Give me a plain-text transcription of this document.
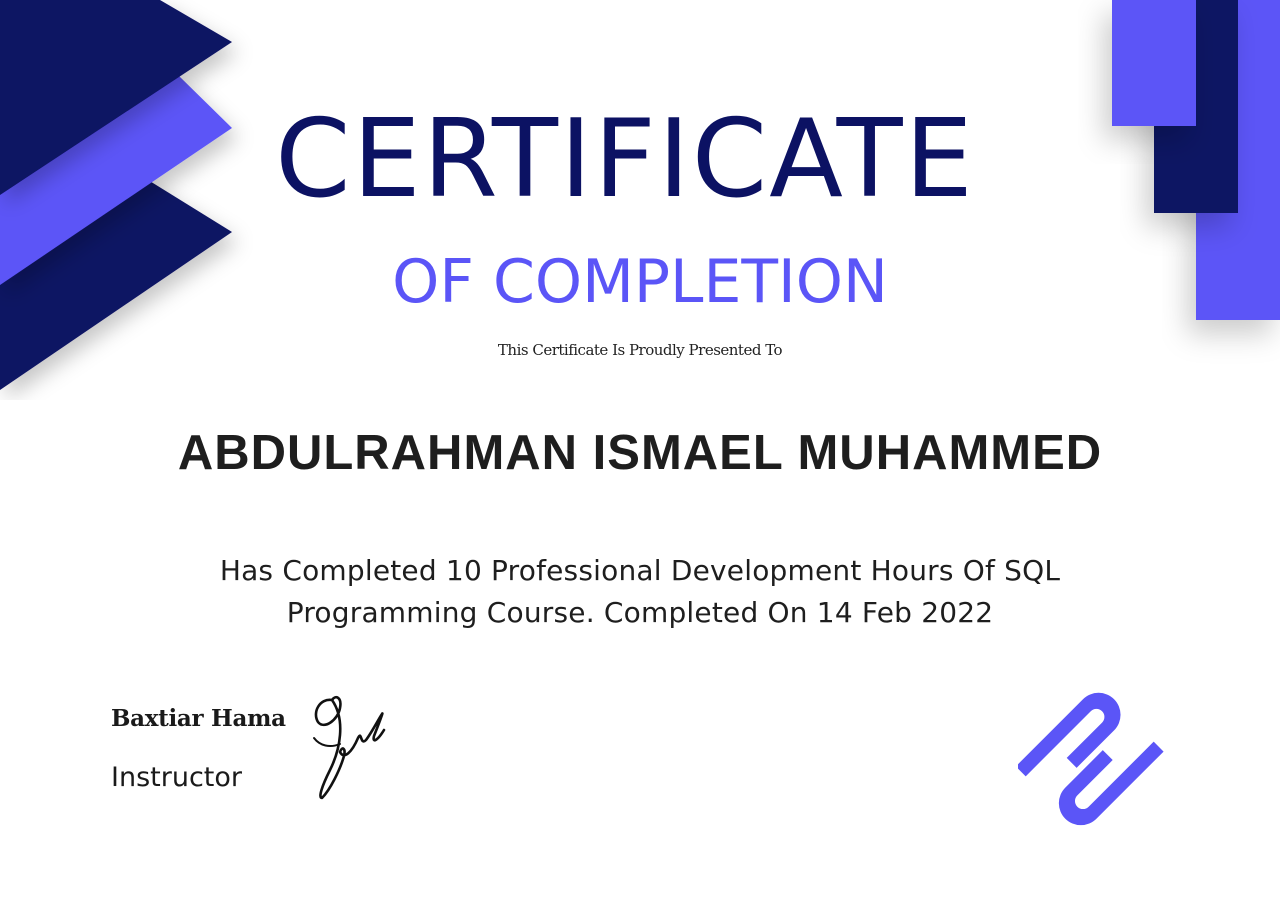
CERTIFICATE
OF COMPLETION
This Certificate Is Proudly Presented To
ABDULRAHMAN ISMAEL MUHAMMED
Has Completed 10 Professional Development Hours Of SQL
Programming Course. Completed On 14 Feb 2022
Baxtiar Hama
Instructor
